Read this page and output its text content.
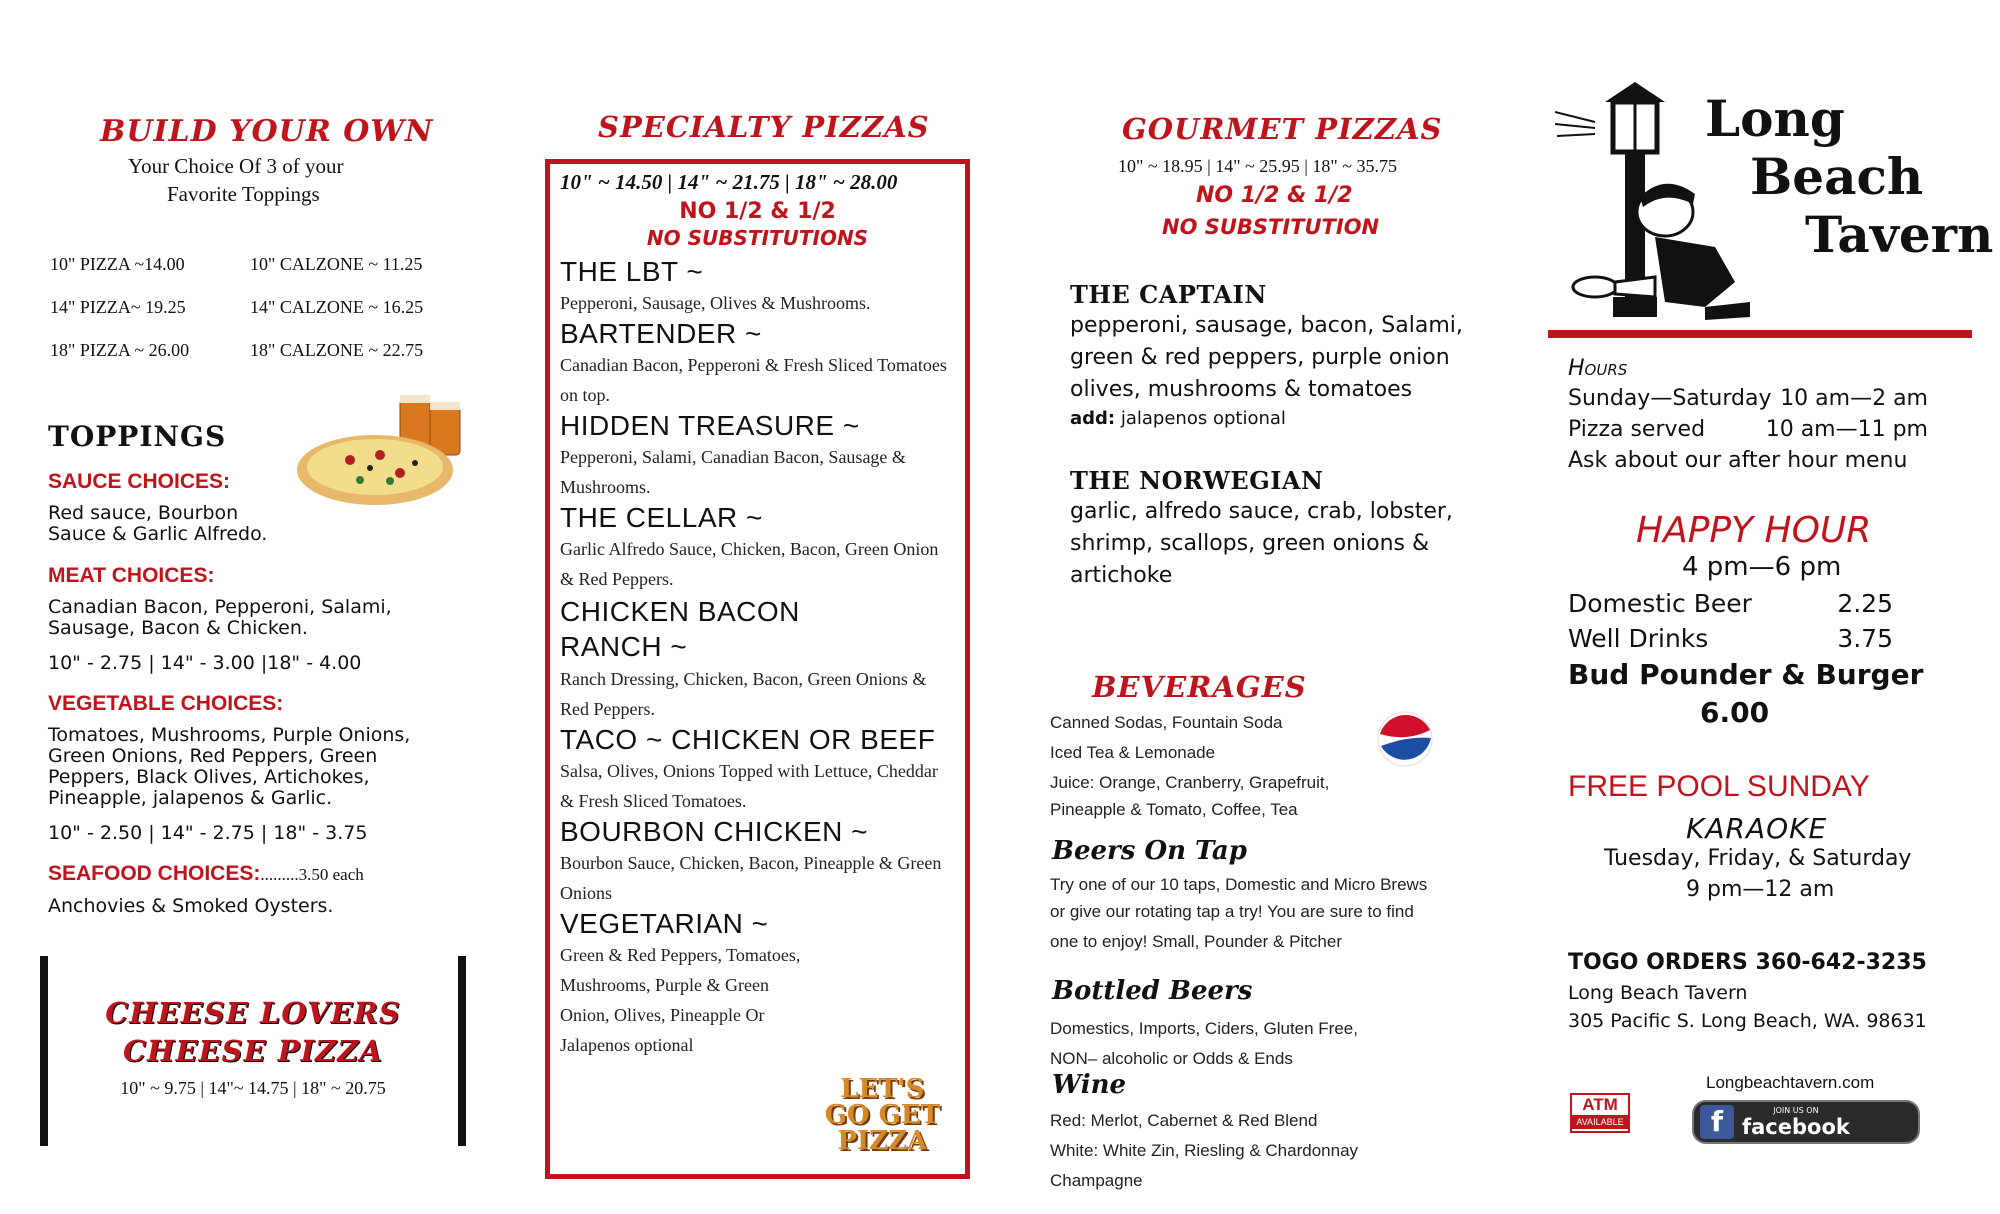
BUILD YOUR OWN
Your Choice Of 3 of your
Favorite Toppings
10" PIZZA ~14.00	10" CALZONE ~ 11.25
14" PIZZA~ 19.25	14" CALZONE ~ 16.25
18" PIZZA ~ 26.00	18" CALZONE ~ 22.75
TOPPINGS
SAUCE CHOICES:
Red sauce, Bourbon Sauce & Garlic Alfredo.
MEAT CHOICES:
Canadian Bacon, Pepperoni, Salami, Sausage, Bacon & Chicken.
10" - 2.75 | 14" - 3.00 |18" - 4.00
VEGETABLE CHOICES:
Tomatoes, Mushrooms, Purple Onions, Green Onions, Red Peppers, Green Peppers, Black Olives, Artichokes, Pineapple, jalapenos & Garlic.
10" - 2.50 | 14" - 2.75 | 18" - 3.75
SEAFOOD CHOICES:.........3.50 each
Anchovies & Smoked Oysters.
CHEESE LOVERS
CHEESE PIZZA
10" ~ 9.75 | 14"~ 14.75 | 18" ~ 20.75
SPECIALTY PIZZAS
10" ~ 14.50 | 14" ~ 21.75 | 18" ~ 28.00
NO 1/2 & 1/2
NO SUBSTITUTIONS
THE LBT ~
Pepperoni, Sausage, Olives & Mushrooms.
BARTENDER ~
Canadian Bacon, Pepperoni & Fresh Sliced Tomatoes on top.
HIDDEN TREASURE ~
Pepperoni, Salami, Canadian Bacon, Sausage & Mushrooms.
THE CELLAR ~
Garlic Alfredo Sauce, Chicken, Bacon, Green Onion & Red Peppers.
CHICKEN BACON RANCH ~
Ranch Dressing, Chicken, Bacon, Green Onions & Red Peppers.
TACO ~ CHICKEN OR BEEF
Salsa, Olives, Onions Topped with Lettuce, Cheddar & Fresh Sliced Tomatoes.
BOURBON CHICKEN ~
Bourbon Sauce, Chicken, Bacon, Pineapple & Green Onions
VEGETARIAN ~
Green & Red Peppers, Tomatoes, Mushrooms, Purple & Green Onion, Olives, Pineapple Or Jalapenos optional
LET'S
GO GET
PIZZA
GOURMET PIZZAS
10" ~ 18.95 | 14" ~ 25.95 | 18" ~ 35.75
NO 1/2 & 1/2
NO SUBSTITUTION
THE CAPTAIN
pepperoni, sausage, bacon, Salami, green & red peppers, purple onion olives, mushrooms & tomatoes
add: jalapenos optional
THE NORWEGIAN
garlic, alfredo sauce, crab, lobster, shrimp, scallops, green onions & artichoke
BEVERAGES
Canned Sodas, Fountain Soda
Iced Tea & Lemonade
Juice: Orange, Cranberry, Grapefruit,
Pineapple & Tomato, Coffee, Tea
Beers On Tap
Try one of our 10 taps, Domestic and Micro Brews
or give our rotating tap a try! You are sure to find
one to enjoy! Small, Pounder & Pitcher
Bottled Beers
Domestics, Imports, Ciders, Gluten Free,
NON– alcoholic or Odds & Ends
Wine
Red: Merlot, Cabernet & Red Blend
White: White Zin, Riesling & Chardonnay
Champagne
Long
Beach
Tavern
Hours
Sunday—Saturday 10 am—2 am
Pizza served	10 am—11 pm
Ask about our after hour menu
HAPPY HOUR
4 pm—6 pm
Domestic Beer	2.25
Well Drinks	3.75
Bud Pounder & Burger
6.00
FREE POOL SUNDAY
KARAOKE
Tuesday, Friday, & Saturday
9 pm—12 am
TOGO ORDERS 360-642-3235
Long Beach Tavern
305 Pacific S. Long Beach, WA. 98631
Longbeachtavern.com
ATM
AVAILABLE	f	JOIN US ON
facebook
